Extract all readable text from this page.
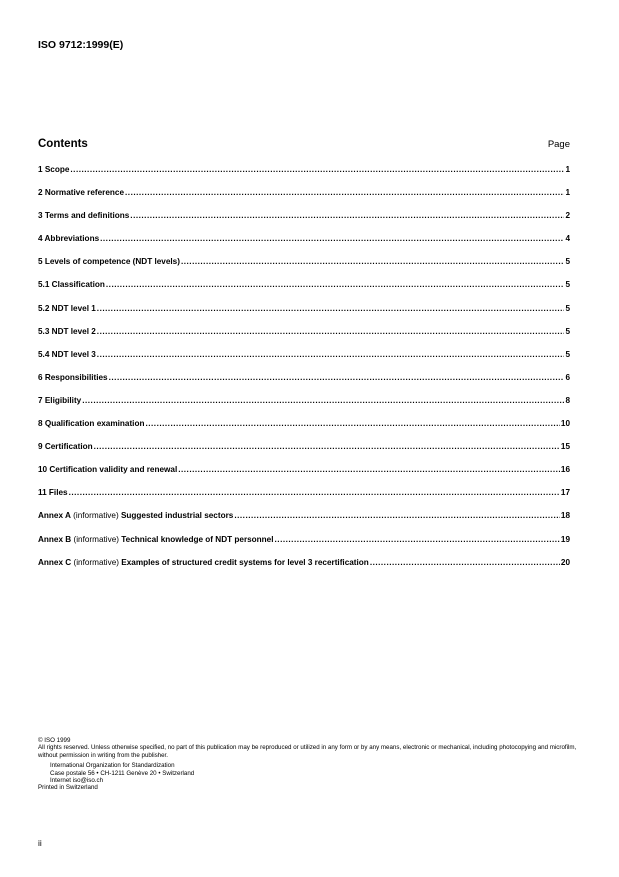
ISO 9712:1999(E)
Contents	Page
1 Scope .....	1
2 Normative reference .....	1
3 Terms and definitions .....	2
4 Abbreviations .....	4
5 Levels of competence (NDT levels) .....	5
5.1 Classification .....	5
5.2 NDT level 1 .....	5
5.3 NDT level 2 .....	5
5.4 NDT level 3 .....	5
6 Responsibilities .....	6
7 Eligibility .....	8
8 Qualification examination .....	10
9 Certification .....	15
10 Certification validity and renewal .....	16
11 Files .....	17
Annex A (informative) Suggested industrial sectors .....	18
Annex B (informative) Technical knowledge of NDT personnel .....	19
Annex C (informative) Examples of structured credit systems for level 3 recertification .....	20
© ISO 1999
All rights reserved. Unless otherwise specified, no part of this publication may be reproduced or utilized in any form or by any means, electronic or mechanical, including photocopying and microfilm, without permission in writing from the publisher.
International Organization for Standardization
Case postale 56 • CH-1211 Genève 20 • Switzerland
Internet iso@iso.ch
Printed in Switzerland
ii
